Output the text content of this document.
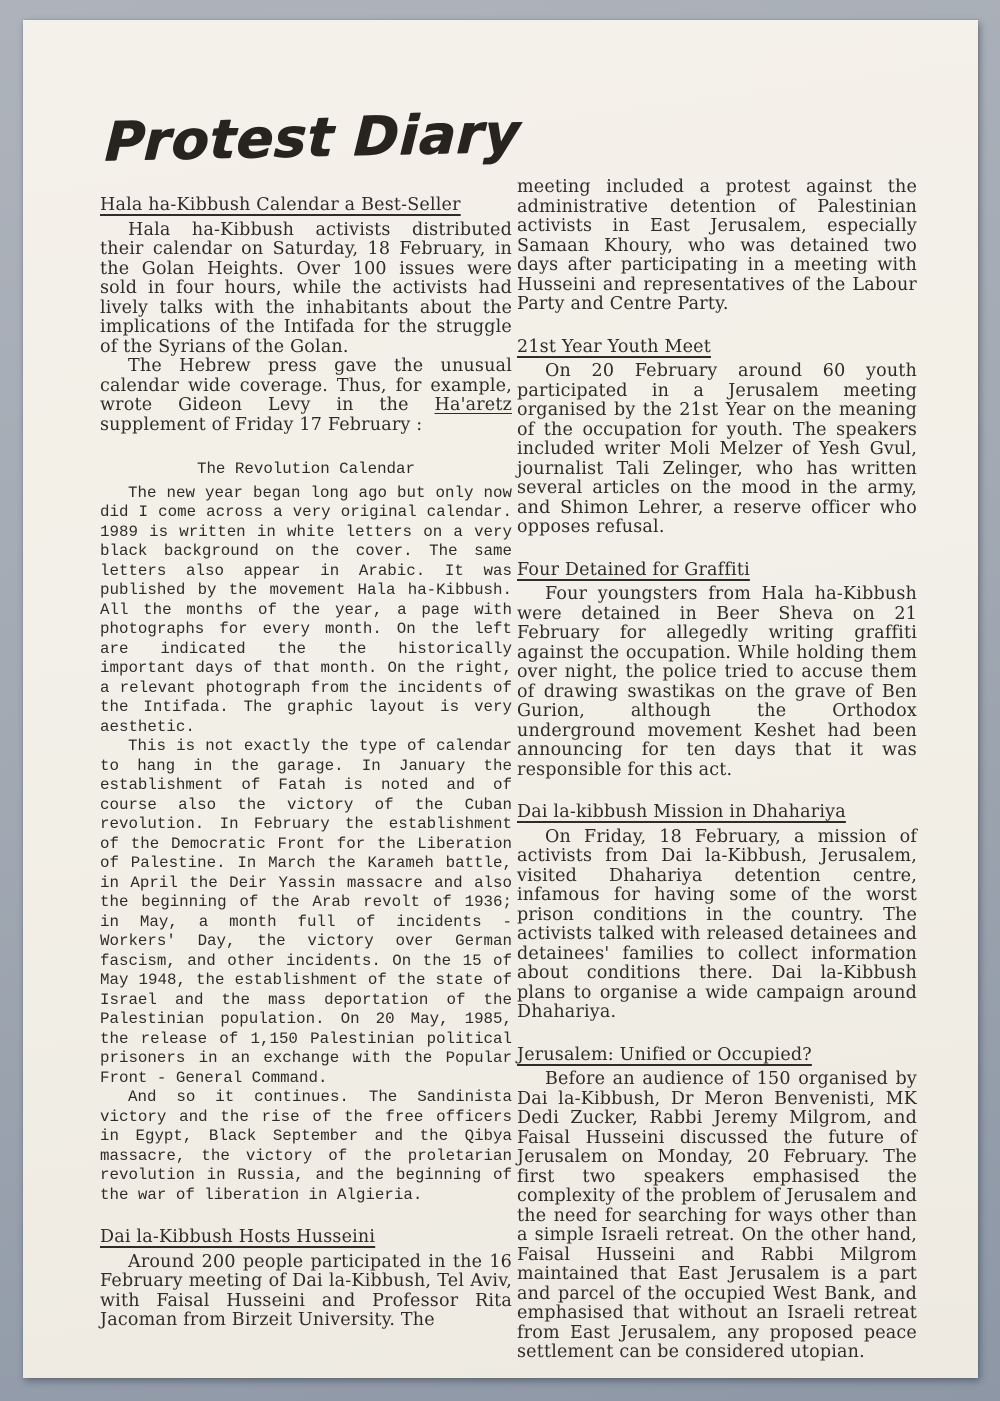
Protest Diary
Hala ha-Kibbush Calendar a Best-Seller

Hala ha-Kibbush activists distributed their calendar on Saturday, 18 February, in the Golan Heights. Over 100 issues were sold in four hours, while the activists had lively talks with the inhabitants about the implications of the Intifada for the struggle of the Syrians of the Golan.

The Hebrew press gave the unusual calendar wide coverage. Thus, for example, wrote Gideon Levy in the Ha'aretz supplement of Friday 17 February :

The Revolution Calendar

The new year began long ago but only now did I come across a very original calendar. 1989 is written in white letters on a very black background on the cover. The same letters also appear in Arabic. It was published by the movement Hala ha-Kibbush. All the months of the year, a page with photographs for every month. On the left are indicated the the historically important days of that month. On the right, a relevant photograph from the incidents of the Intifada. The graphic layout is very aesthetic.

This is not exactly the type of calendar to hang in the garage. In January the establishment of Fatah is noted and of course also the victory of the Cuban revolution. In February the establishment of the Democratic Front for the Liberation of Palestine. In March the Karameh battle, in April the Deir Yassin massacre and also the beginning of the Arab revolt of 1936; in May, a month full of incidents - Workers' Day, the victory over German fascism, and other incidents. On the 15 of May 1948, the establishment of the state of Israel and the mass deportation of the Palestinian population. On 20 May, 1985, the release of 1,150 Palestinian political prisoners in an exchange with the Popular Front - General Command.

And so it continues. The Sandinista victory and the rise of the free officers in Egypt, Black September and the Qibya massacre, the victory of the proletarian revolution in Russia, and the beginning of the war of liberation in Algieria.

Dai la-Kibbush Hosts Husseini

Around 200 people participated in the 16 February meeting of Dai la-Kibbush, Tel Aviv, with Faisal Husseini and Professor Rita Jacoman from Birzeit University. The

meeting included a protest against the administrative detention of Palestinian activists in East Jerusalem, especially Samaan Khoury, who was detained two days after participating in a meeting with Husseini and representatives of the Labour Party and Centre Party.

21st Year Youth Meet

On 20 February around 60 youth participated in a Jerusalem meeting organised by the 21st Year on the meaning of the occupation for youth. The speakers included writer Moli Melzer of Yesh Gvul, journalist Tali Zelinger, who has written several articles on the mood in the army, and Shimon Lehrer, a reserve officer who opposes refusal.

Four Detained for Graffiti

Four youngsters from Hala ha-Kibbush were detained in Beer Sheva on 21 February for allegedly writing graffiti against the occupation. While holding them over night, the police tried to accuse them of drawing swastikas on the grave of Ben Gurion, although the Orthodox underground movement Keshet had been announcing for ten days that it was responsible for this act.

Dai la-kibbush Mission in Dhahariya

On Friday, 18 February, a mission of activists from Dai la-Kibbush, Jerusalem, visited Dhahariya detention centre, infamous for having some of the worst prison conditions in the country. The activists talked with released detainees and detainees' families to collect information about conditions there. Dai la-Kibbush plans to organise a wide campaign around Dhahariya.

Jerusalem: Unified or Occupied?

Before an audience of 150 organised by Dai la-Kibbush, Dr Meron Benvenisti, MK Dedi Zucker, Rabbi Jeremy Milgrom, and Faisal Husseini discussed the future of Jerusalem on Monday, 20 February. The first two speakers emphasised the complexity of the problem of Jerusalem and the need for searching for ways other than a simple Israeli retreat. On the other hand, Faisal Husseini and Rabbi Milgrom maintained that East Jerusalem is a part and parcel of the occupied West Bank, and emphasised that without an Israeli retreat from East Jerusalem, any proposed peace settlement can be considered utopian.
